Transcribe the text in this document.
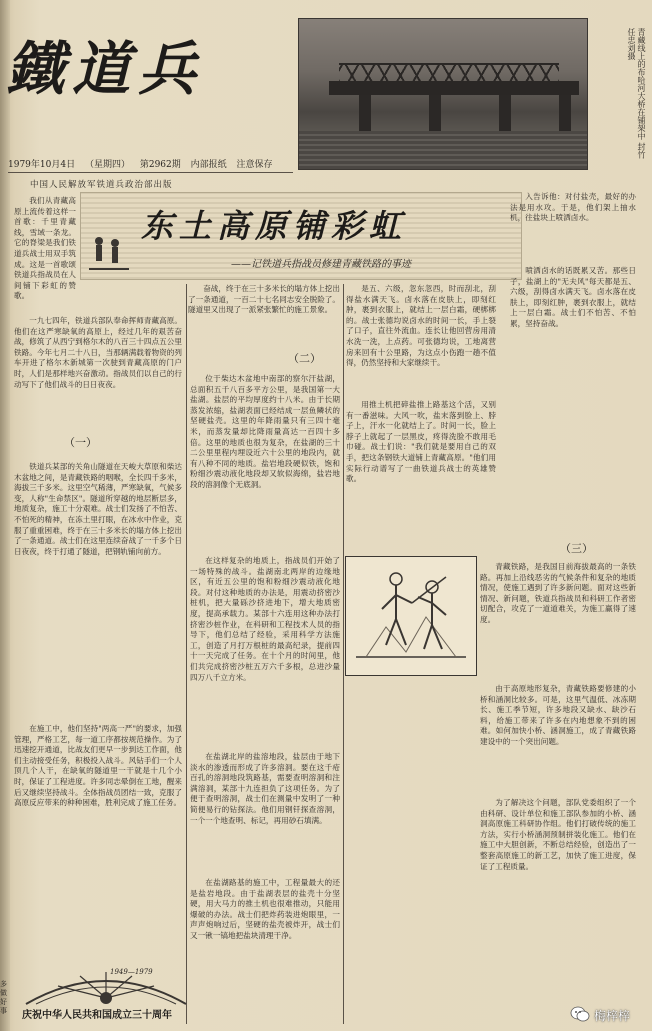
鐵道兵
1979年10月4日 （星期四） 第2962期 内部报纸 注意保存
中国人民解放军铁道兵政治部出版
青藏线上的布哈河大桥在铺架中 封竹 任忠刘摄
东土高原铺彩虹
——记铁道兵指战员修建青藏铁路的事迹

我们从青藏高原上流传着这样一首歌：千里青藏线，雪域一条龙。它的脊梁是我们铁道兵战士用双手筑成。这是一首歌颂铁道兵指战员在人间铺下彩虹的赞歌。

一九七四年，铁道兵部队奉命挥师青藏高原。他们在这严寒缺氧的高原上，经过几年的艰苦奋战，修筑了从西宁到格尔木的八百三十四点五公里铁路。今年七月二十八日，当那辆满载着物资的列车开进了格尔木新城第一次驶到青藏高原的门户时，人们是那样地兴奋激动。指战员们以自己的行动写下了他们战斗的日日夜夜。

（一）

铁道兵某部的关角山隧道在天峻大草原和柴达木盆地之间，是青藏铁路的咽喉，全长四千多米，海拔三千多米。这里空气稀薄，严寒缺氧，气候多变，人称"生命禁区"。隧道所穿越的地层断层多，地质复杂，施工十分艰难。战士们发扬了不怕苦、不怕死的精神，在冻土里打眼，在冰水中作业，克服了重重困难，终于在三十多米长的塌方体上挖出了一条通道。战士们在这里连续奋战了一千多个日日夜夜，终于打通了隧道，把钢轨铺向前方。

在施工中，他们坚持"两高一严"的要求，加强管理，严格工艺，每一道工序都按规范操作。为了迅速挖开通道，比战友们更早一步到达工作面，他们主动接受任务，积极投入战斗。风钻手们一个人顶几个人干，在缺氧的隧道里一干就是十几个小时，保证了工程进度。许多同志晕倒在工地，醒来后又继续坚持战斗。全体指战员团结一致，克服了高原反应带来的种种困难，胜利完成了施工任务。

奋战，终于在三十多米长的塌方体上挖出了一条通道，一百二十七名同志安全脱险了。隧道里又出现了一派紧张繁忙的施工景象。

（二）

位于柴达木盆地中南部的察尔汗盐湖，总面积五千八百多平方公里，是我国第一大盐湖。盐层的平均厚度约十八米。由于长期蒸发浓缩，盐湖表面已经结成一层鱼鳞状的坚硬盐壳。这里的年降雨量只有三四十毫米，而蒸发量却比降雨量高达一百四十多倍。这里的地质也很为复杂，在盐湖的三十二公里里程内埋设近六十公里的地段内，就有八种不同的地质。盐岩地段硬似铁，饱和粉细沙震动液化地段却又软似海绵，盐岩地段的溶洞像个无底洞。

在这样复杂的地质上，指战员们开始了一场特殊的战斗。盐湖南北两岸的边缘地区，有近五公里的饱和粉细沙震动液化地段。对付这种地质的办法是，用震动挤密沙桩机，把大量砾沙挤进地下，增大地质密度，提高承载力。某部十六连用这种办法打挤密沙桩作业，在科研和工程技术人员的指导下，他们总结了经验，采用科学方法施工，创造了月打万根桩的最高纪录，提前四十一天完成了任务。在十个月的时间里，他们共完成挤密沙桩五万六千多根，总进沙量四万八千立方米。

在盐湖北岸的盐溶地段，盐层由于地下淡水的渗透而形成了许多溶洞。要在这千疮百孔的溶洞地段筑路基，需要查明溶洞和注满溶洞，某部十九连担负了这项任务。为了便于查明溶洞，战士们在测量中发明了一种简便易行的钻探法。他们用钢钎探查溶洞，一个一个地查明、标记，再用砂石填满。

在盐湖路基的施工中，工程量最大的还是盐岩地段。由于盐湖表层的盐壳十分坚硬，用大马力的推土机也很难推动，只能用爆破的办法。战士们把炸药装进炮眼里，一声声炮响过后，坚硬的盐壳被炸开，战士们又一锹一镐地把盐块清理干净。

是五、六级，忽东忽西，时而刮北，刮得盐水满天飞。卤水落在皮肤上，即刻红肿，裹到衣服上，就结上一层白霜，硬梆梆的。战士张德均说卤水的时间一长，手上裂了口子，直往外流血。连长让他回营房用清水洗一洗，上点药。可张德均说，工地离营房来回有十公里路，为这点小伤跑一趟不值得，仍然坚持和大家继续干。

用推土机把碎盐推上路基这个活，又别有一番滋味。大风一吹，盐末落到脸上、脖子上，汗水一化就结上了。时间一长，脸上脖子上就起了一层黑皮，疼得洗脸不敢用毛巾碰。战士们说："我们就是要用自己的双手，把这条钢铁大道铺上青藏高原。"他们用实际行动谱写了一曲铁道兵战士的英雄赞歌。

入告诉他：对付盐壳，最好的办法是用水攻。于是，他们架上抽水机，往盐块上喷洒卤水。

喷洒卤水的话既累又苦。那些日子，盐湖上的"无夫风"每天都是五、六级，刮得卤水满天飞。卤水落在皮肤上，即刻红肿，裹到衣服上，就结上一层白霜。战士们不怕苦、不怕累，坚持奋战。

（三）

青藏铁路，是我国目前海拔最高的一条铁路。再加上沿线恶劣的气候条件和复杂的地质情况，使施工遇到了许多新问题。面对这些新情况、新问题，铁道兵指战员和科研工作者密切配合，攻克了一道道难关，为施工赢得了速度。

由于高原地形复杂，青藏铁路要修建的小桥和涵洞比较多。可是，这里气温低、冰冻期长、施工季节短，许多地段又缺水、缺沙石料，给施工带来了许多在内地想象不到的困难。如何加快小桥、涵洞施工，成了青藏铁路建设中的一个突出问题。

为了解决这个问题，部队党委组织了一个由科研、设计单位和施工部队参加的小桥、涵洞高原施工科研协作组。他们打破传统的施工方法，实行小桥涵洞预制拼装化施工。他们在施工中大胆创新，不断总结经验，创造出了一整套高原施工的新工艺，加快了施工进度，保证了工程质量。

1949—1979
庆祝中华人民共和国成立三十周年
多做好事	梅梓梓
